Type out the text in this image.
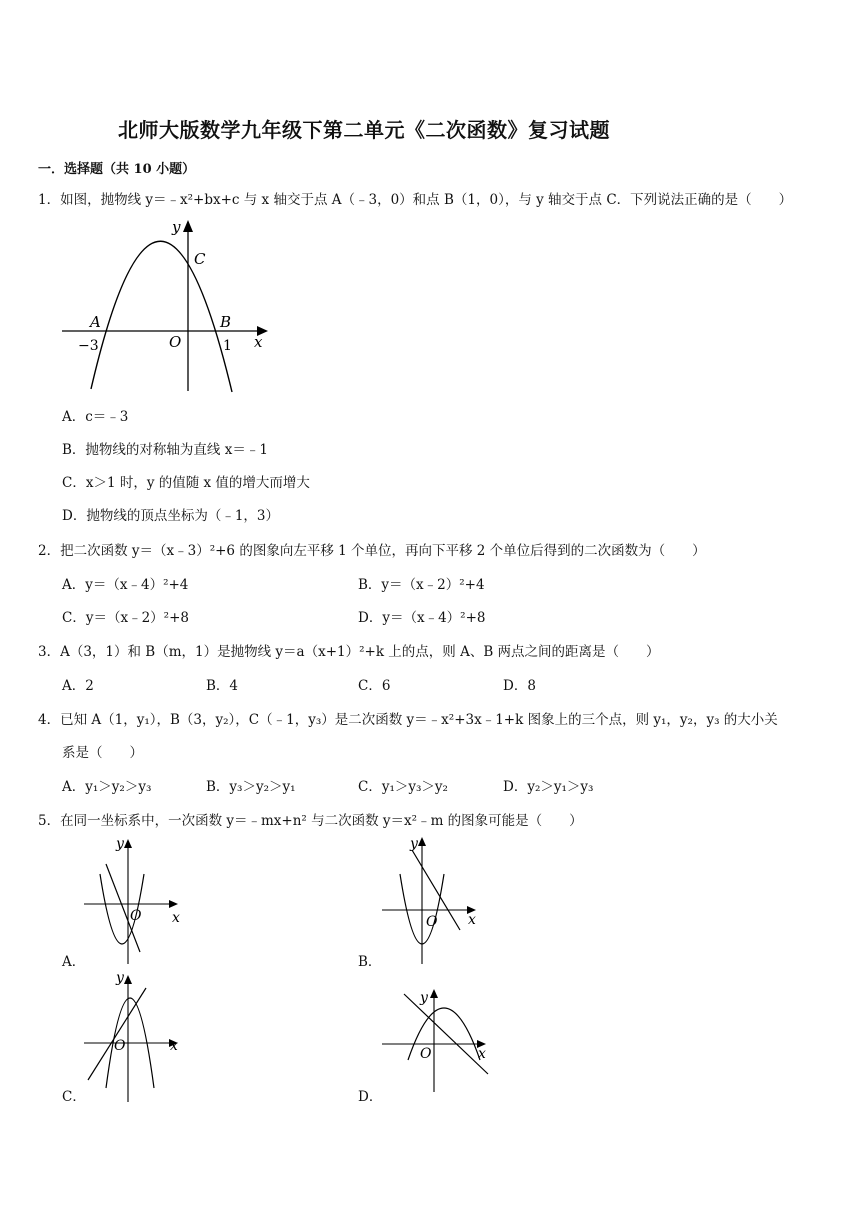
北师大版数学九年级下第二单元《二次函数》复习试题
一．选择题（共 10 小题）
1．如图，抛物线 y＝﹣x²+bx+c 与 x 轴交于点 A（﹣3，0）和点 B（1，0），与 y 轴交于点 C．下列说法正确的是（　　）
y
x
C
A	B
O
−3	1
A．c＝﹣3
B．抛物线的对称轴为直线 x＝﹣1
C．x＞1 时，y 的值随 x 值的增大而增大
D．抛物线的顶点坐标为（﹣1，3）
2．把二次函数 y＝（x﹣3）²+6 的图象向左平移 1 个单位，再向下平移 2 个单位后得到的二次函数为（　　）
A．y＝（x﹣4）²+4	B．y＝（x﹣2）²+4
C．y＝（x﹣2）²+8	D．y＝（x﹣4）²+8
3．A（3，1）和 B（m，1）是抛物线 y＝a（x+1）²+k 上的点，则 A、B 两点之间的距离是（　　）
A．2	B．4	C．6	D．8
4．已知 A（1，y₁），B（3，y₂），C（﹣1，y₃）是二次函数 y＝﹣x²+3x﹣1+k 图象上的三个点，则 y₁，y₂，y₃ 的大小关
系是（　　）
A．y₁＞y₂＞y₃	B．y₃＞y₂＞y₁	C．y₁＞y₃＞y₂	D．y₂＞y₁＞y₃
5．在同一坐标系中，一次函数 y＝﹣mx+n² 与二次函数 y＝x²﹣m 的图象可能是（　　）
y
x
O
A．
y
x
O
B．
y
x
O
C．
y
x
O
D．
